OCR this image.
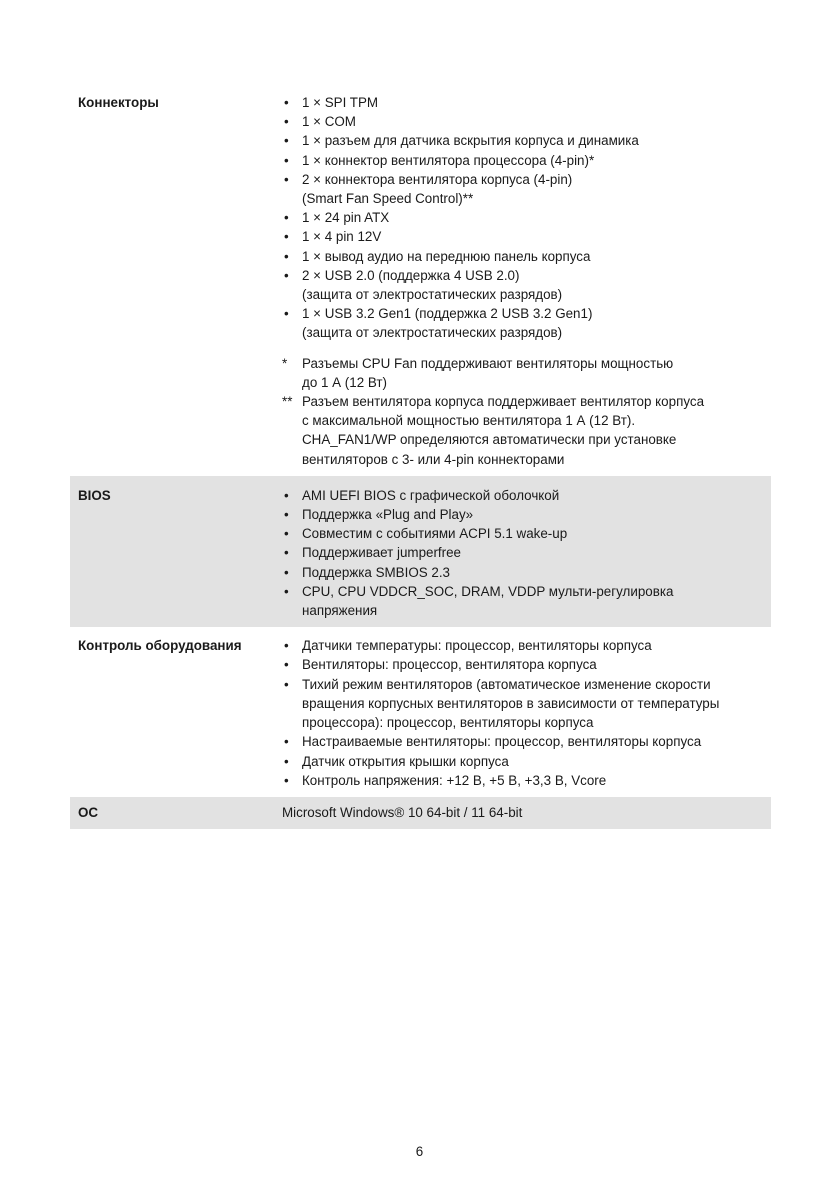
Коннекторы	• 1 × SPI TPM
• 1 × COM
• 1 × разъем для датчика вскрытия корпуса и динамика
• 1 × коннектор вентилятора процессора (4-pin)*
• 2 × коннектора вентилятора корпуса (4-pin)
(Smart Fan Speed Control)**
• 1 × 24 pin ATX
• 1 × 4 pin 12V
• 1 × вывод аудио на переднюю панель корпуса
• 2 × USB 2.0 (поддержка 4 USB 2.0)
(защита от электростатических разрядов)
• 1 × USB 3.2 Gen1 (поддержка 2 USB 3.2 Gen1)
(защита от электростатических разрядов)
*	Разъемы CPU Fan поддерживают вентиляторы мощностью
до 1 А (12 Вт)
** Разъем вентилятора корпуса поддерживает вентилятор корпуса
с максимальной мощностью вентилятора 1 А (12 Вт).
CHA_FAN1/WP определяются автоматически при установке
вентиляторов с 3- или 4-pin коннекторами
BIOS	• AMI UEFI BIOS с графической оболочкой
• Поддержка «Plug and Play»
• Совместим с событиями ACPI 5.1 wake-up
• Поддерживает jumperfree
• Поддержка SMBIOS 2.3
• CPU, CPU VDDCR_SOC, DRAM, VDDP мульти-регулировка
напряжения
Контроль оборудования	• Датчики температуры: процессор, вентиляторы корпуса
• Вентиляторы: процессор, вентилятора корпуса
• Тихий режим вентиляторов (автоматическое изменение скорости
вращения корпусных вентиляторов в зависимости от температуры
процессора): процессор, вентиляторы корпуса
• Настраиваемые вентиляторы: процессор, вентиляторы корпуса
• Датчик открытия крышки корпуса
• Контроль напряжения: +12 В, +5 В, +3,3 В, Vcore
ОС	Microsoft Windows® 10 64-bit / 11 64-bit
6
